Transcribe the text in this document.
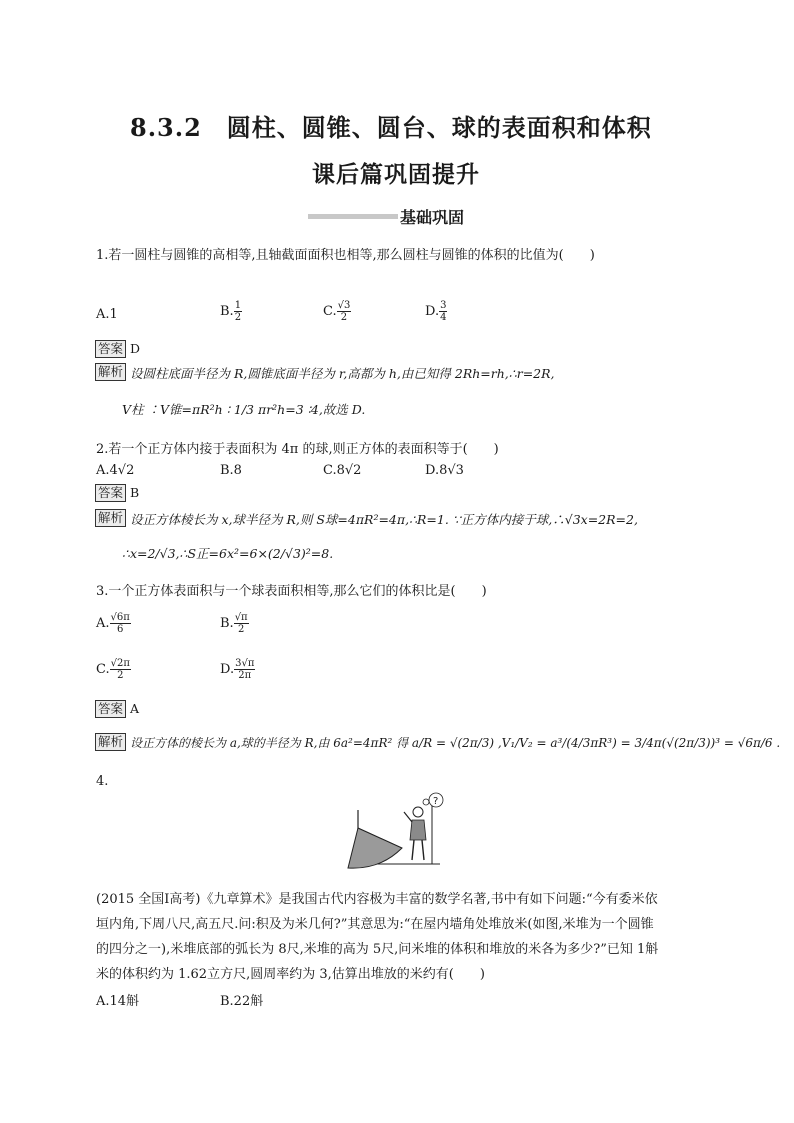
8.3.2　圆柱、圆锥、圆台、球的表面积和体积
课后篇巩固提升
基础巩固
1.若一圆柱与圆锥的高相等,且轴截面面积也相等,那么圆柱与圆锥的体积的比值为(　　)
A.1	B. $\frac{1}{2}$	C. $\frac{√3}{2}$	D. $\frac{3}{4}$
答案 D
解析 设圆柱底面半径为 R,圆锥底面半径为 r,高都为 h,由已知得 2Rh=rh,∴r=2R,
V柱 ∶V锥=πR²h ∶ 1/3 πr²h=3 ∶4,故选 D.
2.若一个正方体内接于表面积为 4π 的球,则正方体的表面积等于(　　)
A.4√2	B.8	C.8√2	D.8√3
答案 B
解析 设正方体棱长为 x,球半径为 R,则 S球=4πR²=4π,∴R=1. ∵正方体内接于球,∴√3x=2R=2,
∴x=2/√3,∴S正=6x²=6×(2/√3)²=8.
3.一个正方体表面积与一个球表面积相等,那么它们的体积比是(　　)
A. $\frac{√6\pi}{6}$	B. $\frac{√\pi}{2}$
C. $\frac{√2\pi}{2}$	D. $\frac{3√\pi}{2\pi}$
答案 A
解析 设正方体的棱长为 a,球的半径为 R,由 6a²=4πR² 得 a/R = √(2π/3) ,V₁/V₂ = a³/(4/3πR³) = 3/4π(√(2π/3))³ = √6π/6 .
4.
?
(2015 全国Ⅰ高考)《九章算术》是我国古代内容极为丰富的数学名著,书中有如下问题:“今有委米依
垣内角,下周八尺,高五尺.问:积及为米几何?”其意思为:“在屋内墙角处堆放米(如图,米堆为一个圆锥
的四分之一),米堆底部的弧长为 8尺,米堆的高为 5尺,问米堆的体积和堆放的米各为多少?”已知 1斛
米的体积约为 1.62立方尺,圆周率约为 3,估算出堆放的米约有(　　)
A.14斛	B.22斛
